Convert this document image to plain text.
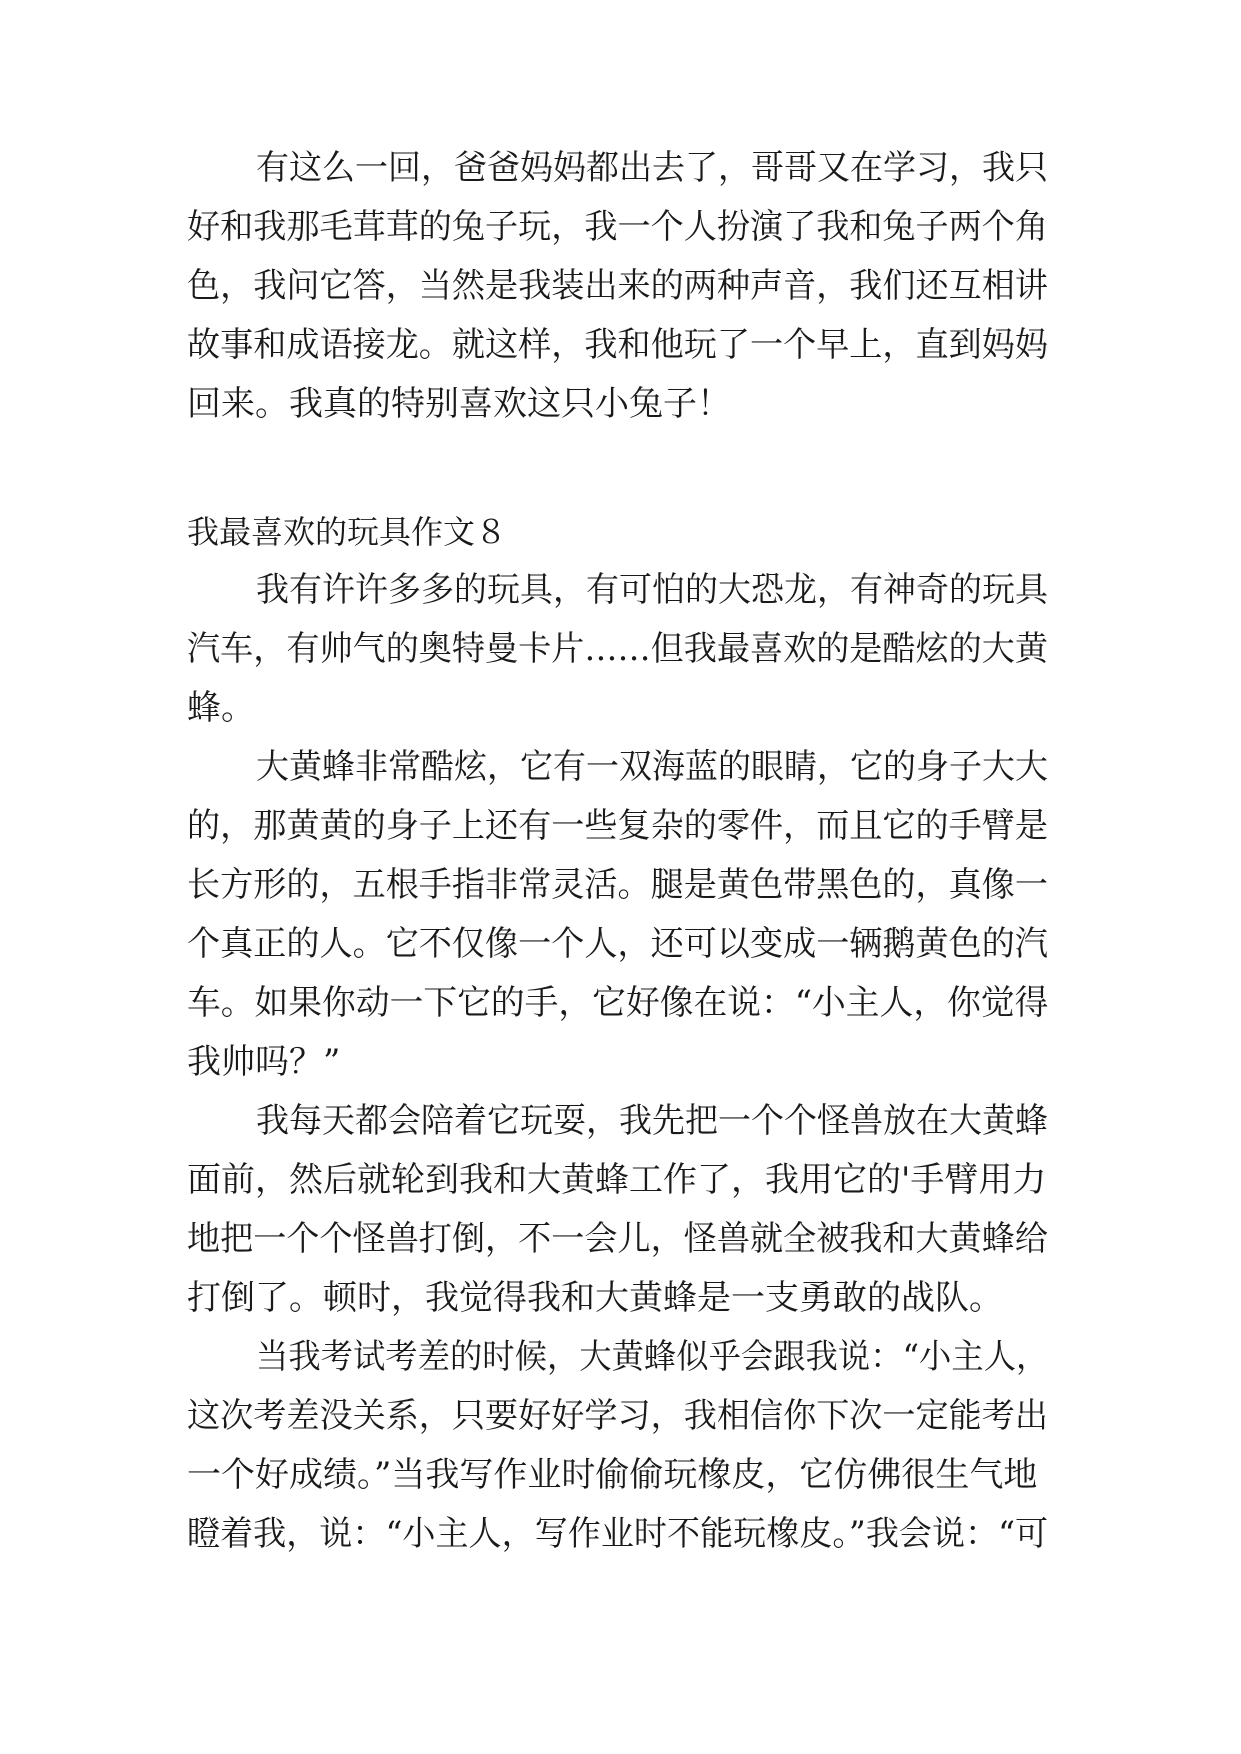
有这么一回，爸爸妈妈都出去了，哥哥又在学习，我只
好和我那毛茸茸的兔子玩，我一个人扮演了我和兔子两个角
色，我问它答，当然是我装出来的两种声音，我们还互相讲
故事和成语接龙。就这样，我和他玩了一个早上，直到妈妈
回来。我真的特别喜欢这只小兔子！
我最喜欢的玩具作文８
我有许许多多的玩具，有可怕的大恐龙，有神奇的玩具
汽车，有帅气的奥特曼卡片……但我最喜欢的是酷炫的大黄
蜂。
大黄蜂非常酷炫，它有一双海蓝的眼睛，它的身子大大
的，那黄黄的身子上还有一些复杂的零件，而且它的手臂是
长方形的，五根手指非常灵活。腿是黄色带黑色的，真像一
个真正的人。它不仅像一个人，还可以变成一辆鹅黄色的汽
车。如果你动一下它的手，它好像在说：“小主人，你觉得
我帅吗？”
我每天都会陪着它玩耍，我先把一个个怪兽放在大黄蜂
面前，然后就轮到我和大黄蜂工作了，我用它的'手臂用力
地把一个个怪兽打倒，不一会儿，怪兽就全被我和大黄蜂给
打倒了。顿时，我觉得我和大黄蜂是一支勇敢的战队。
当我考试考差的时候，大黄蜂似乎会跟我说：“小主人，
这次考差没关系，只要好好学习，我相信你下次一定能考出
一个好成绩。”当我写作业时偷偷玩橡皮，它仿佛很生气地
瞪着我，说：“小主人，写作业时不能玩橡皮。”我会说：“可
